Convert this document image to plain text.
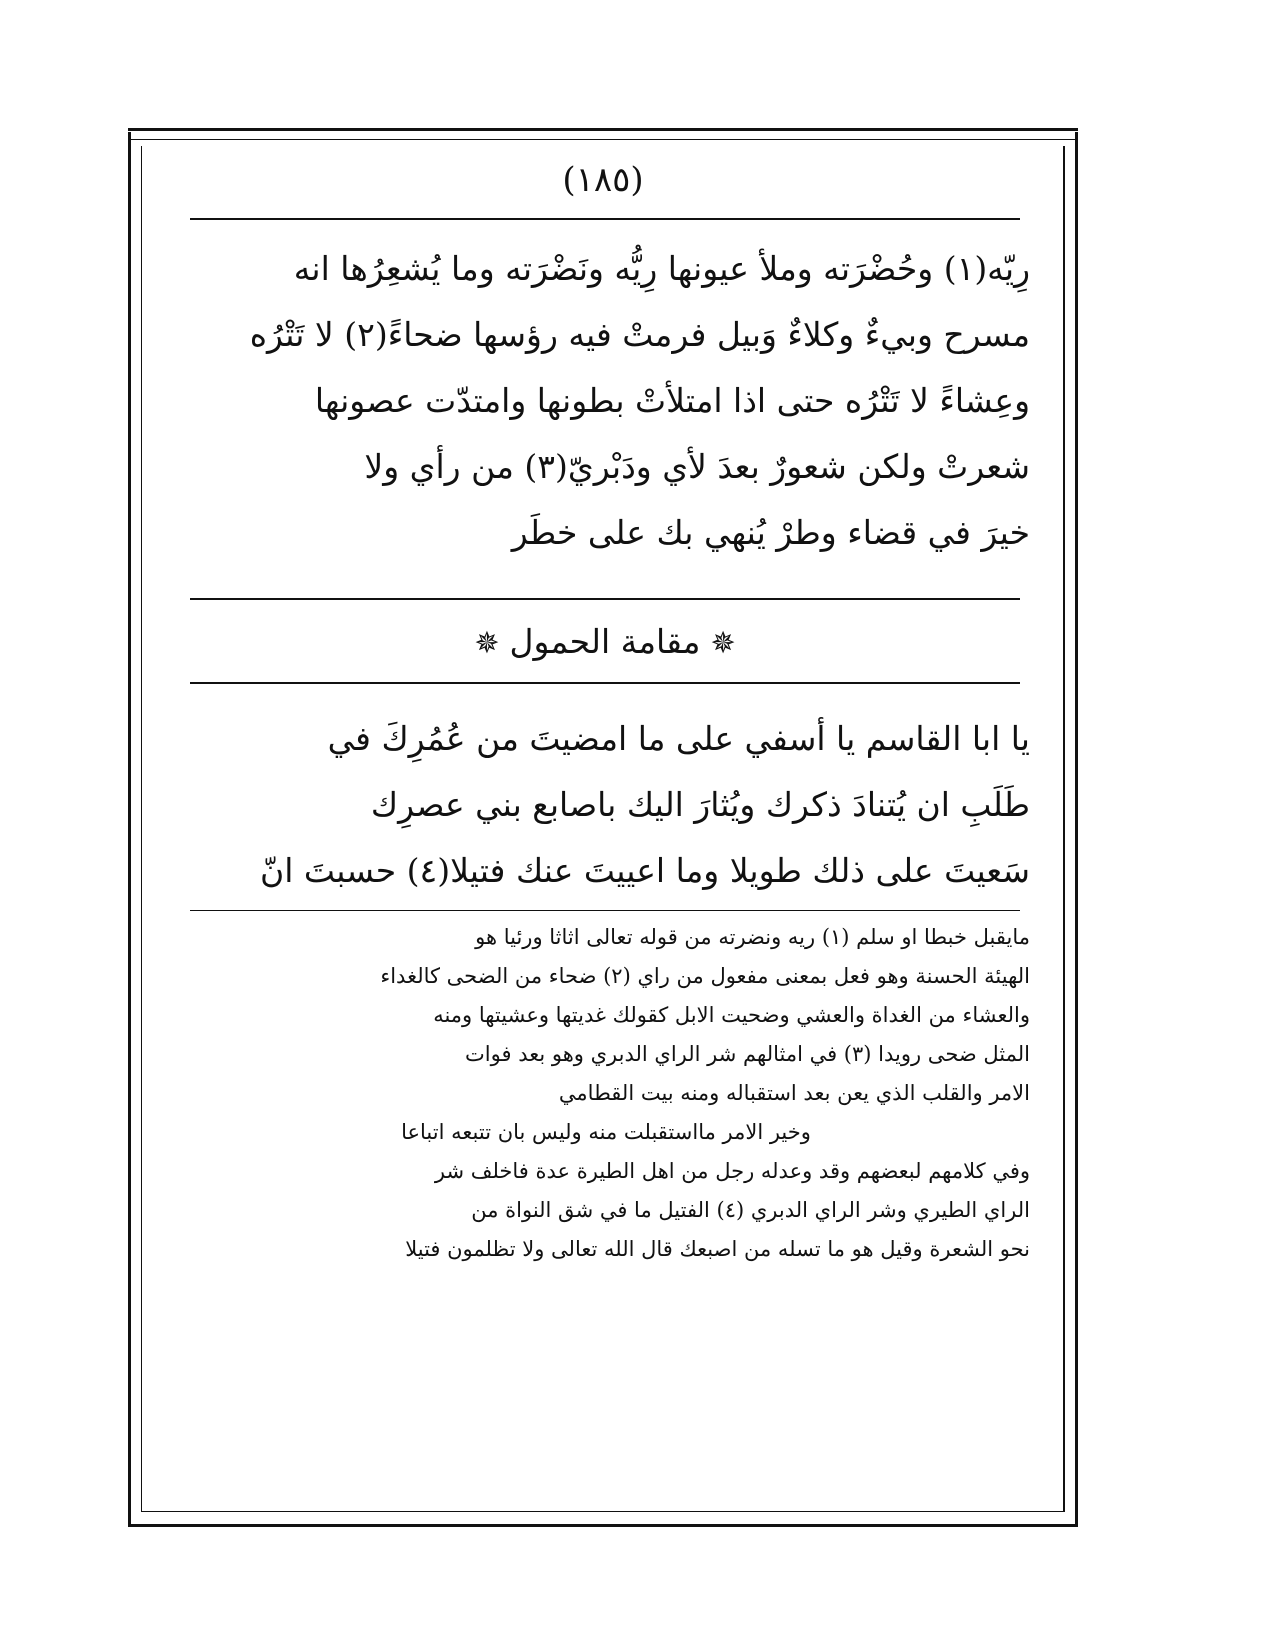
(١٨٥)

رِيّه(١) وحُضْرَته وملأ عيونها رِيُّه ونَضْرَته وما يُشعِرُها انه

مسرح وبيءٌ وكلاءٌ وَبيل فرمتْ فيه رؤسها ضحاءً(٢) لا تَتْرُه

وعِشاءً لا تَتْرُه حتى اذا امتلأتْ بطونها وامتدّت عصونها

شعرتْ ولكن شعورٌ بعدَ لأي ودَبْريّ(٣) من رأي ولا

خيرَ في قضاء وطرْ يُنهي بك على خطَر

✵مقامة الحمول✵

يا ابا القاسم يا أسفي على ما امضيتَ من عُمُرِكَ في

طَلَبِ ان يُتنادَ ذكرك ويُثارَ اليك باصابع بني عصرِك

سَعيتَ على ذلك طويلا وما اعييتَ عنك فتيلا(٤) حسبتَ انّ

مايقبل خبطا او سلم (١) ريه ونضرته من قوله تعالى اثاثا ورئيا هو

الهيئة الحسنة وهو فعل بمعنى مفعول من راي (٢) ضحاء من الضحى كالغداء

والعشاء من الغداة والعشي وضحيت الابل كقولك غديتها وعشيتها ومنه

المثل ضحى رويدا (٣) في امثالهم شر الراي الدبري وهو بعد فوات

الامر والقلب الذي يعن بعد استقباله ومنه بيت القطامي

وخير الامر مااستقبلت منه وليس بان تتبعه اتباعا

وفي كلامهم لبعضهم وقد وعدله رجل من اهل الطيرة عدة فاخلف شر

الراي الطيري وشر الراي الدبري (٤) الفتيل ما في شق النواة من

نحو الشعرة وقيل هو ما تسله من اصبعك قال الله تعالى ولا تظلمون فتيلا
